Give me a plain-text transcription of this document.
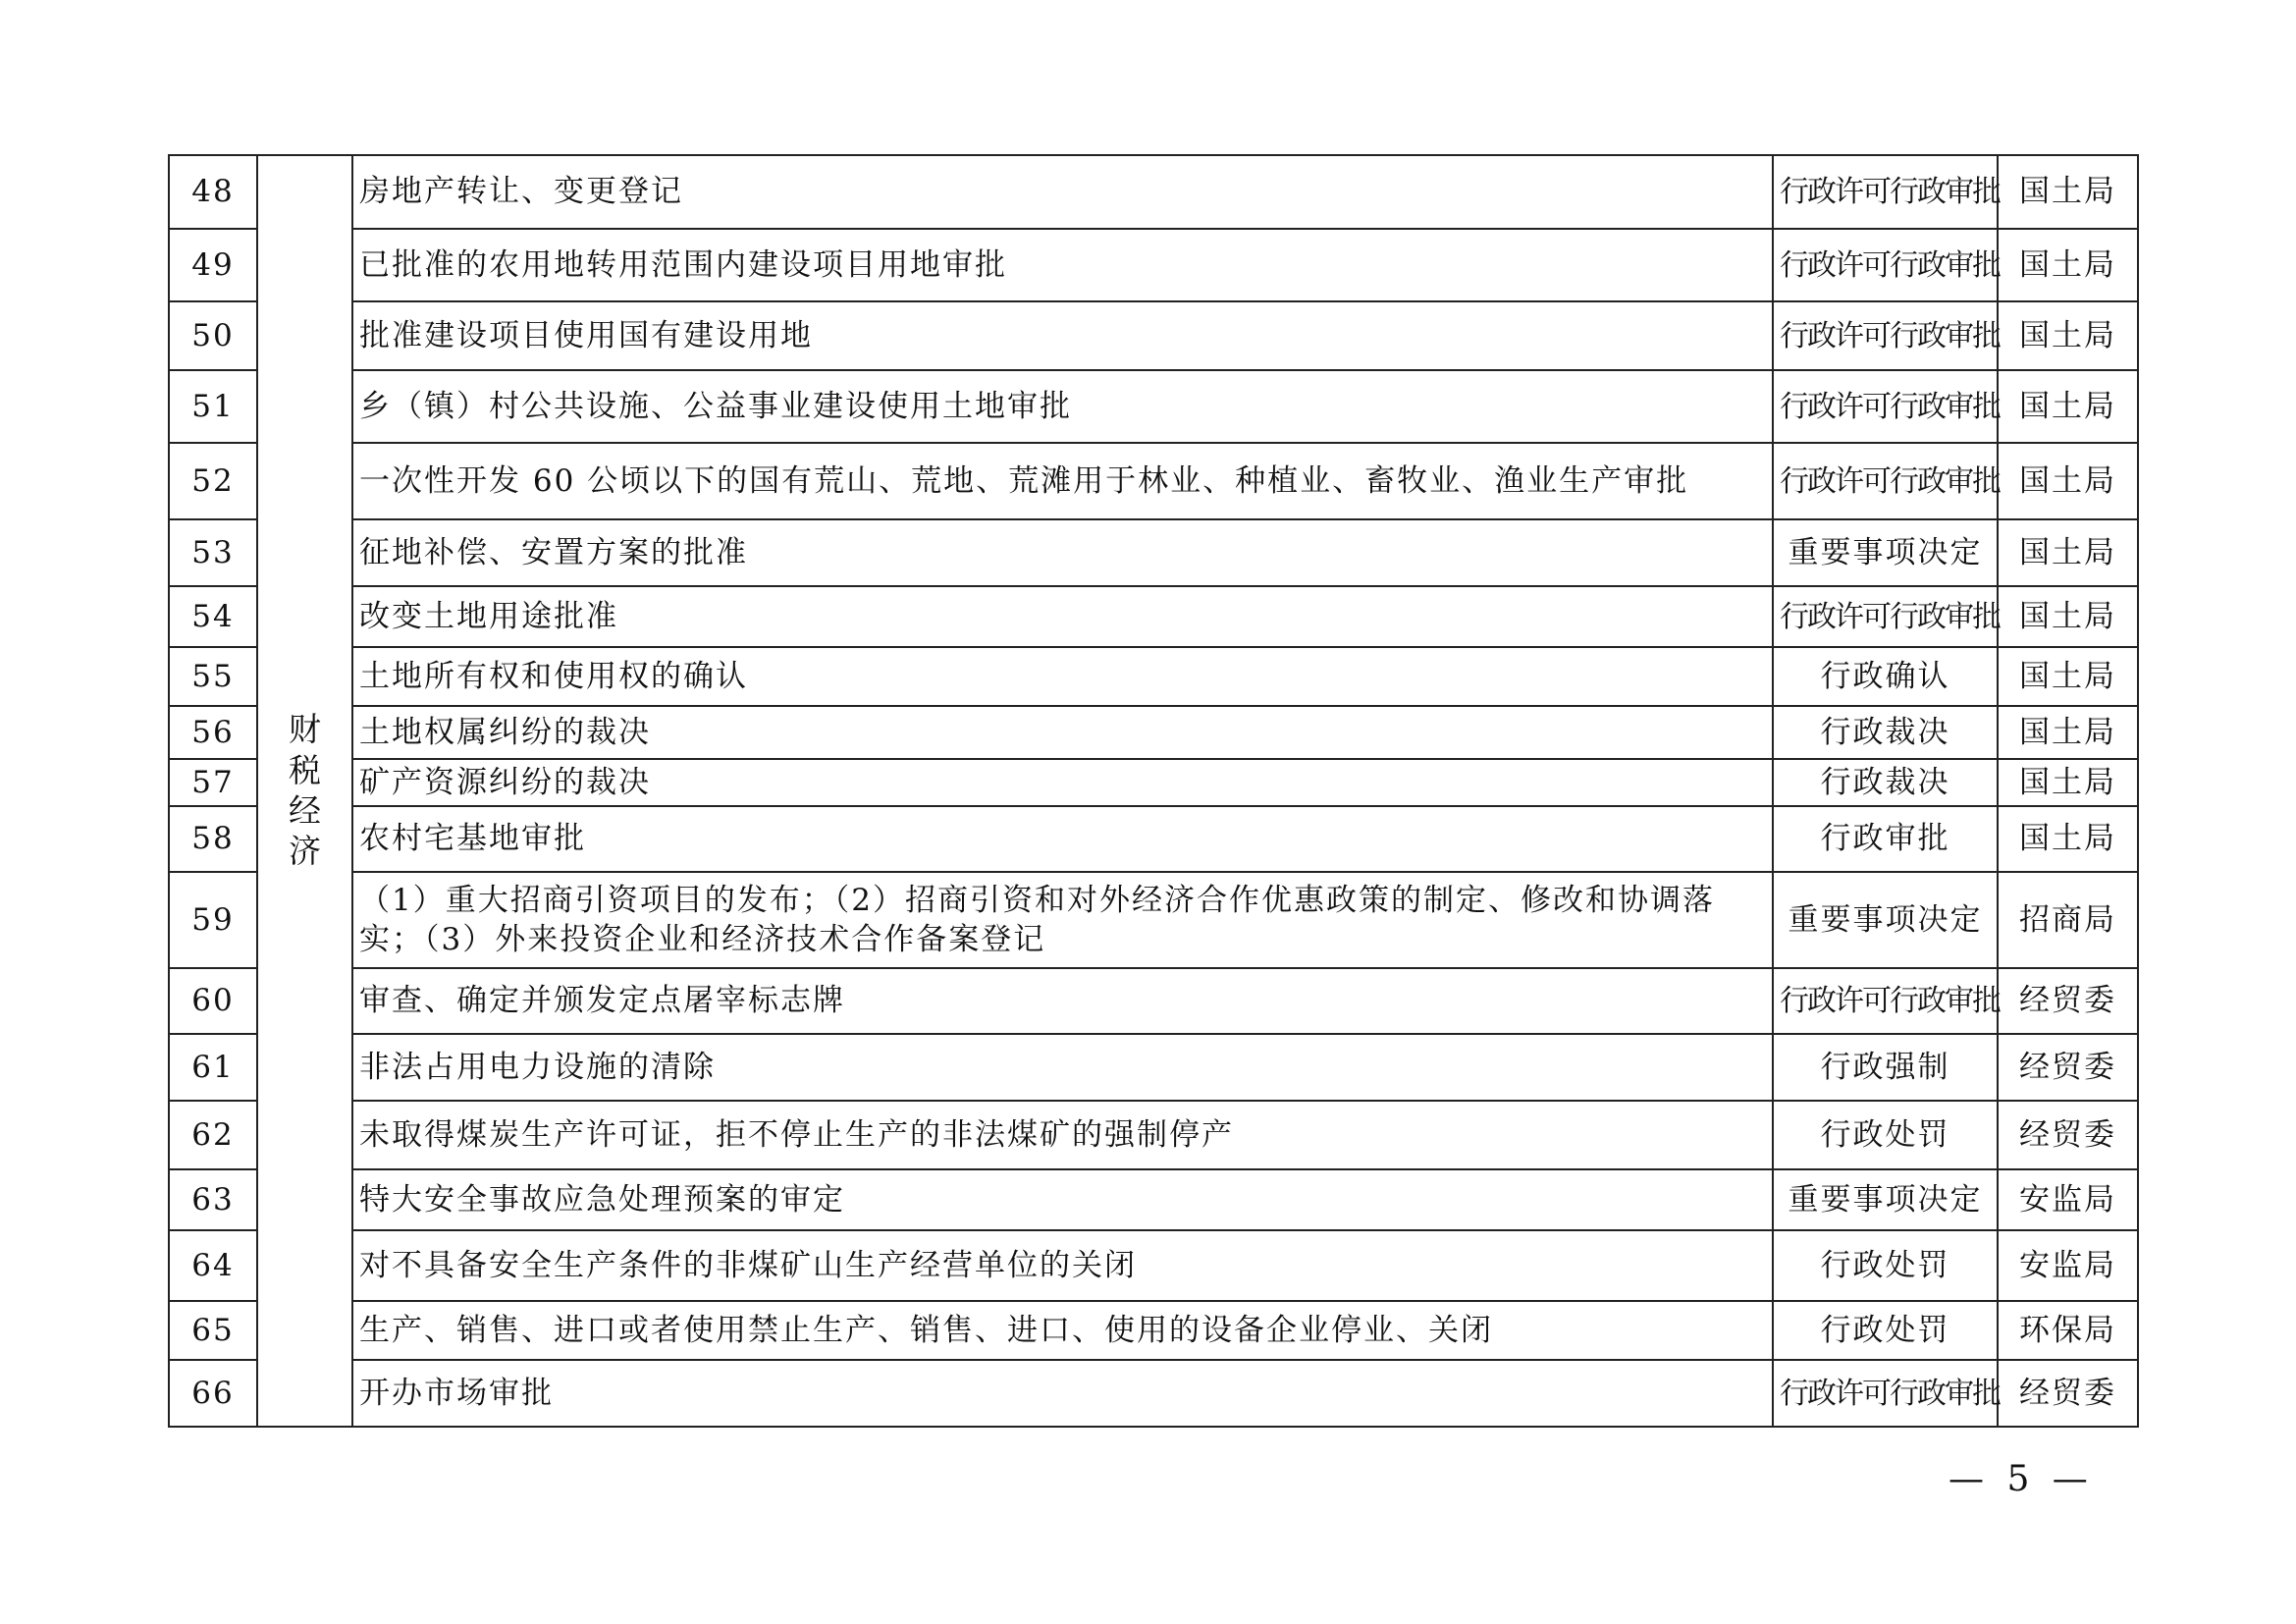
48	财税经济	房地产转让、变更登记	行政许可行政审批	国土局
49		已批准的农用地转用范围内建设项目用地审批	行政许可行政审批	国土局
50		批准建设项目使用国有建设用地	行政许可行政审批	国土局
51		乡（镇）村公共设施、公益事业建设使用土地审批	行政许可行政审批	国土局
52		一次性开发 60 公顷以下的国有荒山、荒地、荒滩用于林业、种植业、畜牧业、渔业生产审批	行政许可行政审批	国土局
53		征地补偿、安置方案的批准	重要事项决定	国土局
54		改变土地用途批准	行政许可行政审批	国土局
55		土地所有权和使用权的确认	行政确认	国土局
56		土地权属纠纷的裁决	行政裁决	国土局
57		矿产资源纠纷的裁决	行政裁决	国土局
58		农村宅基地审批	行政审批	国土局
59		（1）重大招商引资项目的发布；（2）招商引资和对外经济合作优惠政策的制定、修改和协调落实；（3）外来投资企业和经济技术合作备案登记	重要事项决定	招商局
60		审查、确定并颁发定点屠宰标志牌	行政许可行政审批	经贸委
61		非法占用电力设施的清除	行政强制	经贸委
62		未取得煤炭生产许可证，拒不停止生产的非法煤矿的强制停产	行政处罚	经贸委
63		特大安全事故应急处理预案的审定	重要事项决定	安监局
64		对不具备安全生产条件的非煤矿山生产经营单位的关闭	行政处罚	安监局
65		生产、销售、进口或者使用禁止生产、销售、进口、使用的设备企业停业、关闭	行政处罚	环保局
66		开办市场审批	行政许可行政审批	经贸委
— 5 —
